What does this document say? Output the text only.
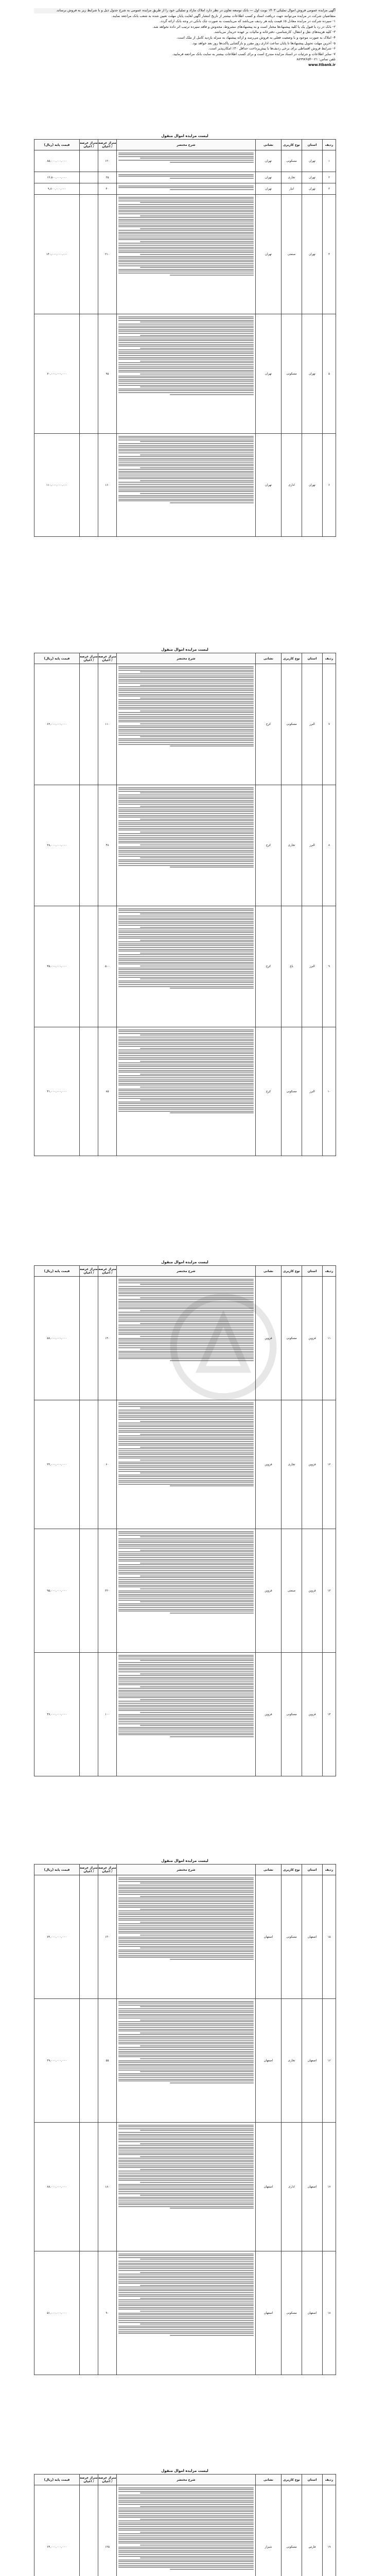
آگهی مزایده عمومی فروش اموال تملیکی ۱۴۰۳ نوبت اول — بانک توسعه تعاون در نظر دارد املاک مازاد و تملیکی خود را از طریق مزایده عمومی به شرح جدول ذیل و با شرایط زیر به فروش برساند.

متقاضیان شرکت در مزایده می‌توانند جهت دریافت اسناد و کسب اطلاعات بیشتر از تاریخ انتشار آگهی لغایت پایان مهلت تعیین شده به شعب بانک مراجعه نمایند.

۱- سپرده شرکت در مزایده معادل ۵٪ قیمت پایه هر ردیف می‌باشد که می‌بایست به صورت چک بانکی در وجه بانک ارائه گردد.

۲- بانک در رد یا قبول یک یا کلیه پیشنهادها مختار است و به پیشنهادهای مشروط، مخدوش و فاقد سپرده ترتیب اثر داده نخواهد شد.

۳- کلیه هزینه‌های نقل و انتقال، کارشناسی، دفترخانه و مالیات بر عهده خریدار می‌باشد.

۴- املاک به صورت موجود و با وضعیت فعلی به فروش می‌رسد و ارائه پیشنهاد به منزله بازدید کامل از ملک است.

۵- آخرین مهلت تحویل پیشنهادها تا پایان ساعت اداری روز مقرر و بازگشایی پاکت‌ها روز بعد خواهد بود.

۶- شرایط فروش اقساطی برای برخی ردیف‌ها با پیش‌پرداخت حداقل ۳۰٪ امکان‌پذیر است.

۷- سایر اطلاعات و جزئیات در اسناد مزایده مندرج است و برای کسب اطلاعات بیشتر به سایت بانک مراجعه فرمایید.

تلفن تماس: ۰۲۱-۸۸۹۹۷۶۵۴

www.ttbank.ir

لیست مزایده اموال منقول
ردیف	استان	نوع کاربری	نشانی	شرح مختصر	متراژ عرصه / اعیان	متراژ عرصه / اعیان	قیمت پایه (ریال)
۱	تهران	مسکونی	تهران		۱۲۰		۸۵,۰۰۰,۰۰۰,۰۰۰
۲	تهران	تجاری	تهران		۳۵		۱۲,۵۰۰,۰۰۰,۰۰۰
۳	تهران	انبار	تهران		۴۰		۹,۸۰۰,۰۰۰,۰۰۰
۴	تهران	صنعتی	تهران		۲۱۰		۱۴۰,۰۰۰,۰۰۰,۰۰۰
۵	تهران	مسکونی	تهران		۹۵		۷۰,۰۰۰,۰۰۰,۰۰۰
۶	تهران	اداری	تهران		۱۶۰		۱۱۰,۰۰۰,۰۰۰,۰۰۰
لیست مزایده اموال منقول
ردیف	استان	نوع کاربری	نشانی	شرح مختصر	متراژ عرصه / اعیان	متراژ عرصه / اعیان	قیمت پایه (ریال)
۷	البرز	مسکونی	کرج		۱۱۰		۶۲,۰۰۰,۰۰۰,۰۰۰
۸	البرز	تجاری	کرج		۴۸		۲۸,۰۰۰,۰۰۰,۰۰۰
۹	البرز	باغ	کرج		۵۰۰		۴۵,۰۰۰,۰۰۰,۰۰۰
۱۰	البرز	مسکونی	کرج		۸۵		۴۱,۰۰۰,۰۰۰,۰۰۰
لیست مزایده اموال منقول
ردیف	استان	نوع کاربری	نشانی	شرح مختصر	متراژ عرصه / اعیان	متراژ عرصه / اعیان	قیمت پایه (ریال)
۱۱	قزوین	مسکونی	قزوین		۱۴۰		۵۸,۰۰۰,۰۰۰,۰۰۰
۱۲	قزوین	تجاری	قزوین		۶۰		۳۳,۰۰۰,۰۰۰,۰۰۰
۱۳	قزوین	صنعتی	قزوین		۳۲۰		۹۵,۰۰۰,۰۰۰,۰۰۰
۱۴	قزوین	مسکونی	قزوین		۱۰۰		۴۷,۰۰۰,۰۰۰,۰۰۰
لیست مزایده اموال منقول
ردیف	استان	نوع کاربری	نشانی	شرح مختصر	متراژ عرصه / اعیان	متراژ عرصه / اعیان	قیمت پایه (ریال)
۱۵	اصفهان	مسکونی	اصفهان		۱۳۰		۷۲,۰۰۰,۰۰۰,۰۰۰
۱۶	اصفهان	تجاری	اصفهان		۵۵		۳۹,۰۰۰,۰۰۰,۰۰۰
۱۷	اصفهان	اداری	اصفهان		۱۸۰		۸۸,۰۰۰,۰۰۰,۰۰۰
۱۸	اصفهان	مسکونی	اصفهان		۹۰		۵۱,۰۰۰,۰۰۰,۰۰۰
لیست مزایده اموال منقول
ردیف	استان	نوع کاربری	نشانی	شرح مختصر	متراژ عرصه / اعیان	متراژ عرصه / اعیان	قیمت پایه (ریال)
۱۹	فارس	مسکونی	شیراز		۱۲۵		۶۴,۰۰۰,۰۰۰,۰۰۰
